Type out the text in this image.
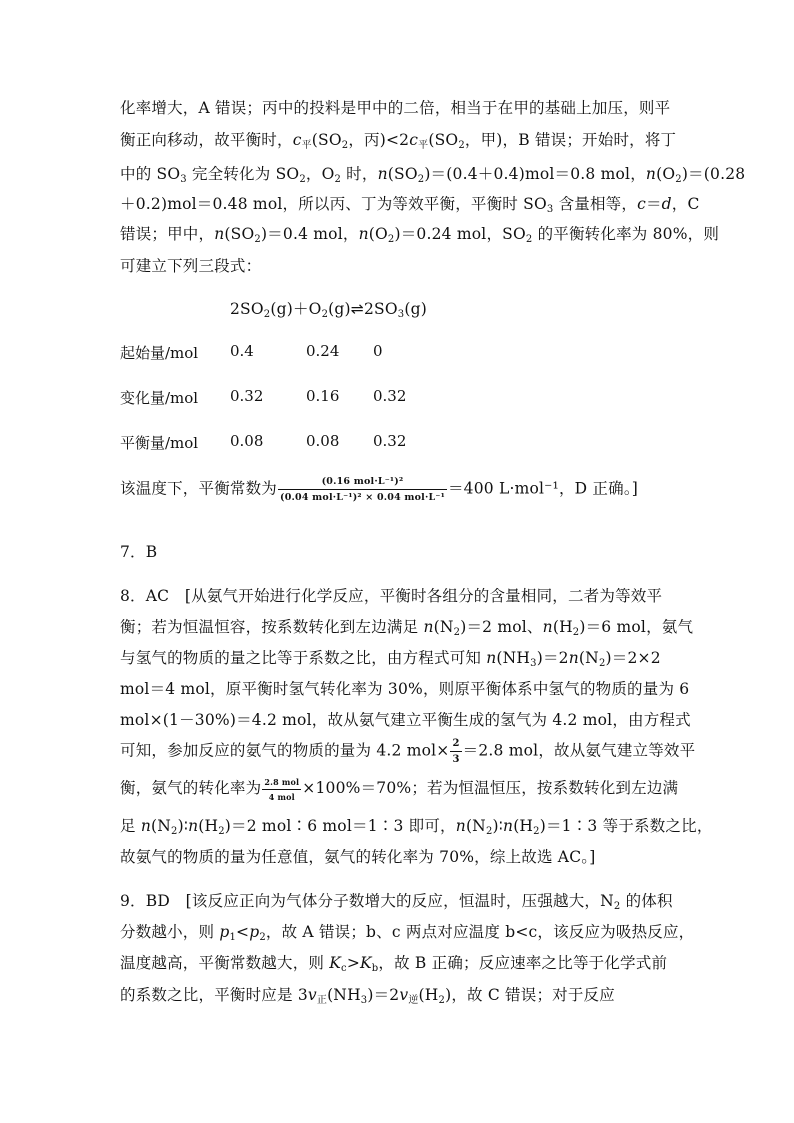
化率增大，A 错误；丙中的投料是甲中的二倍，相当于在甲的基础上加压，则平
衡正向移动，故平衡时，$c_平(SO_2$，丙)$<2c_平(SO_2$，甲)，B 错误；开始时，将丁
中的 $SO_3$ 完全转化为 $SO_2$，$O_2$ 时，$n(SO_2)=(0.4+0.4)mol=0.8$ mol，$n(O_2)=(0.28$
＋0.2)mol＝0.48 mol，所以丙、丁为等效平衡，平衡时 $SO_3$ 含量相等，c＝d，C
错误；甲中，$n(SO_2)=0.4$ mol，$n(O_2)=0.24$ mol，$SO_2$ 的平衡转化率为 80%，则
可建立下列三段式：
$2SO_2(g)+O_2(g)\rightleftharpoons 2SO_3(g)$
起始量/mol 0.4	0.24 0
变化量/mol 0.32	0.16 0.32
平衡量/mol 0.08	0.08 0.32
该温度下，平衡常数为 $\frac{\text{(0.16 mol·L⁻¹)²}}{\text{(0.04 mol·L⁻¹)² × 0.04 mol·L⁻¹}} =400$ L·mol⁻¹，D 正确。]
7．B
8．AC　[从氨气开始进行化学反应，平衡时各组分的含量相同，二者为等效平
衡；若为恒温恒容，按系数转化到左边满足 $n(N_2)=2$ mol、$n(H_2)=6$ mol，氨气
与氢气的物质的量之比等于系数之比，由方程式可知 $n(NH_3)=2n(N_2)=2\times 2$
mol＝4 mol，原平衡时氢气转化率为 30%，则原平衡体系中氢气的物质的量为 6
mol×(1－30%)＝4.2 mol，故从氨气建立平衡生成的氢气为 4.2 mol，由方程式
可知，参加反应的氨气的物质的量为 4.2 $mol\times \frac{2}{3} =2.8$ mol，故从氨气建立等效平
衡，氨气的转化率为 $\frac{\text{2.8 mol}}{\text{4 mol}} \times 100\%=70\%$；若为恒温恒压，按系数转化到左边满
足 $n(N_2)∶n(H_2)=2$ mol∶6 mol＝1∶3 即可，$n(N_2)∶n(H_2)=1∶3$ 等于系数之比，
故氨气的物质的量为任意值，氨气的转化率为 70%，综上故选 AC。]
9．BD　[该反应正向为气体分子数增大的反应，恒温时，压强越大，$N_2$ 的体积
分数越小，则 $p_1<p_2$，故 A 错误；b、c 两点对应温度 b<c，该反应为吸热反应，
温度越高，平衡常数越大，则 $K_c>K_b$，故 B 正确；反应速率之比等于化学式前
的系数之比，平衡时应是 $3v_正(NH_3)=2v_逆(H_2)$，故 C 错误；对于反应
